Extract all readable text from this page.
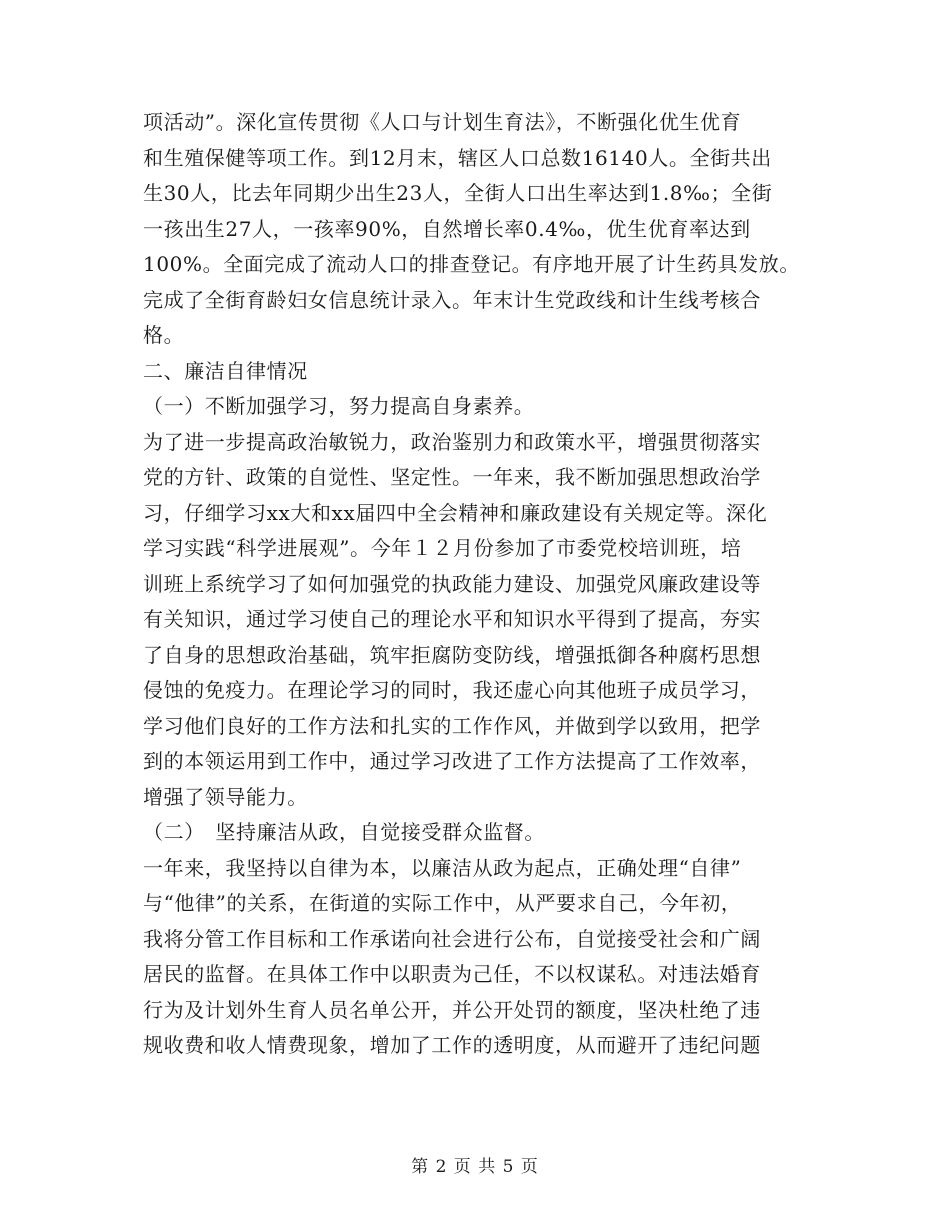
项活动”。深化宣传贯彻《人口与计划生育法》，不断强化优生优育
和生殖保健等项工作。到12月末，辖区人口总数16140人。全街共出
生30人，比去年同期少出生23人，全街人口出生率达到1.8‰；全街
一孩出生27人，一孩率90%，自然增长率0.4‰，优生优育率达到
100%。全面完成了流动人口的排查登记。有序地开展了计生药具发放。
完成了全街育龄妇女信息统计录入。年末计生党政线和计生线考核合
格。
二、廉洁自律情况
（一）不断加强学习，努力提高自身素养。
为了进一步提高政治敏锐力，政治鉴别力和政策水平，增强贯彻落实
党的方针、政策的自觉性、坚定性。一年来，我不断加强思想政治学
习，仔细学习xx大和xx届四中全会精神和廉政建设有关规定等。深化
学习实践“科学进展观”。今年１２月份参加了市委党校培训班，培
训班上系统学习了如何加强党的执政能力建设、加强党风廉政建设等
有关知识，通过学习使自己的理论水平和知识水平得到了提高，夯实
了自身的思想政治基础，筑牢拒腐防变防线，增强抵御各种腐朽思想
侵蚀的免疫力。在理论学习的同时，我还虚心向其他班子成员学习，
学习他们良好的工作方法和扎实的工作作风，并做到学以致用，把学
到的本领运用到工作中，通过学习改进了工作方法提高了工作效率，
增强了领导能力。
（二）　坚持廉洁从政，自觉接受群众监督。
一年来，我坚持以自律为本，以廉洁从政为起点，正确处理“自律”
与“他律”的关系，在街道的实际工作中，从严要求自己，今年初，
我将分管工作目标和工作承诺向社会进行公布，自觉接受社会和广阔
居民的监督。在具体工作中以职责为己任，不以权谋私。对违法婚育
行为及计划外生育人员名单公开，并公开处罚的额度，坚决杜绝了违
规收费和收人情费现象，增加了工作的透明度，从而避开了违纪问题
第 2 页 共 5 页
